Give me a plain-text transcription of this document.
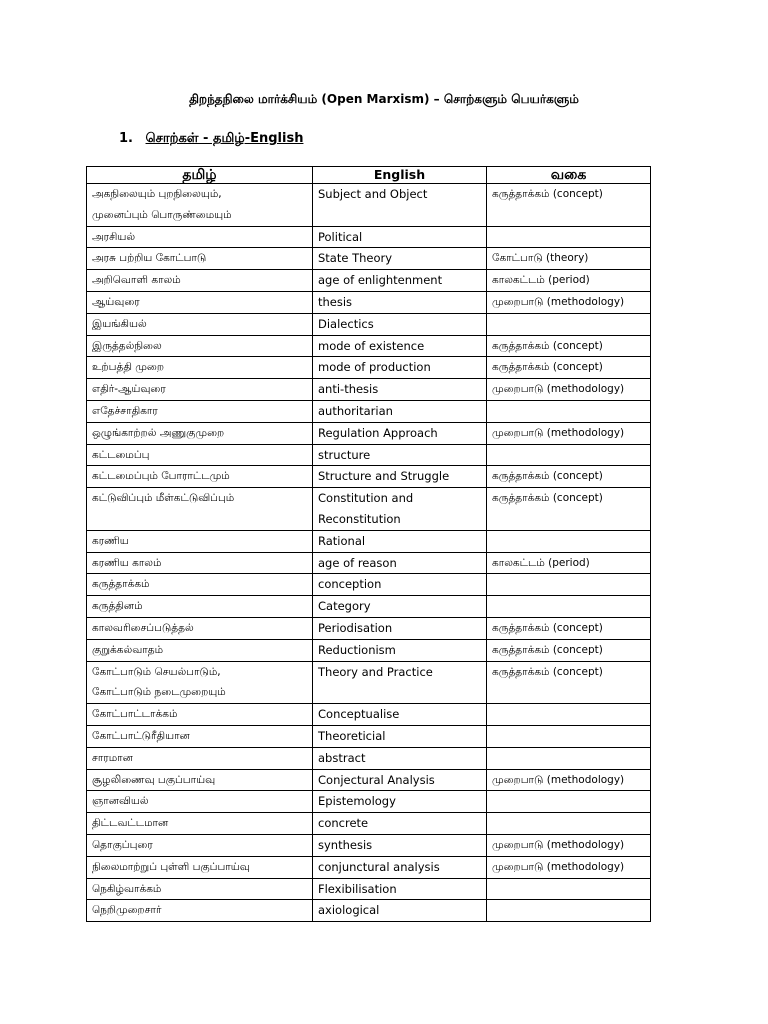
திறந்தநிலை மார்க்சியம் (Open Marxism) – சொற்களும் பெயர்களும்
1. சொற்கள் - தமிழ்-English
தமிழ்	English	வகை

அகநிலையும் புறநிலையும்,
முனைப்பும் பொருண்மையும்	Subject and Object	கருத்தாக்கம் (concept)

அரசியல்	Political	

அரசு பற்றிய கோட்பாடு	State Theory	கோட்பாடு (theory)

அறிவொளி காலம்	age of enlightenment	காலகட்டம் (period)

ஆய்வுரை	thesis	முறைபாடு (methodology)

இயங்கியல்	Dialectics	

இருத்தல்நிலை	mode of existence	கருத்தாக்கம் (concept)

உற்பத்தி முறை	mode of production	கருத்தாக்கம் (concept)

எதிர்-ஆய்வுரை	anti-thesis	முறைபாடு (methodology)

எதேச்சாதிகார	authoritarian	

ஒழுங்காற்றல் அணுகுமுறை	Regulation Approach	முறைபாடு (methodology)

கட்டமைப்பு	structure	

கட்டமைப்பும் போராட்டமும்	Structure and Struggle	கருத்தாக்கம் (concept)

கட்டுவிப்பும் மீள்கட்டுவிப்பும்	Constitution and
Reconstitution	கருத்தாக்கம் (concept)

கரணிய	Rational	

கரணிய காலம்	age of reason	காலகட்டம் (period)

கருத்தாக்கம்	conception	

கருத்தினம்	Category	

காலவரிசைப்படுத்தல்	Periodisation	கருத்தாக்கம் (concept)

குறுக்கல்வாதம்	Reductionism	கருத்தாக்கம் (concept)

கோட்பாடும் செயல்பாடும்,
கோட்பாடும் நடைமுறையும்	Theory and Practice	கருத்தாக்கம் (concept)

கோட்பாட்டாக்கம்	Conceptualise	

கோட்பாட்டுரீதியான	Theoreticial	

சாரமான	abstract	

சூழலிணைவு பகுப்பாய்வு	Conjectural Analysis	முறைபாடு (methodology)

ஞானவியல்	Epistemology	

திட்டவட்டமான	concrete	

தொகுப்புரை	synthesis	முறைபாடு (methodology)

நிலைமாற்றுப் புள்ளி பகுப்பாய்வு	conjunctural analysis	முறைபாடு (methodology)

நெகிழ்வாக்கம்	Flexibilisation	

நெறிமுறைசார்	axiological	
